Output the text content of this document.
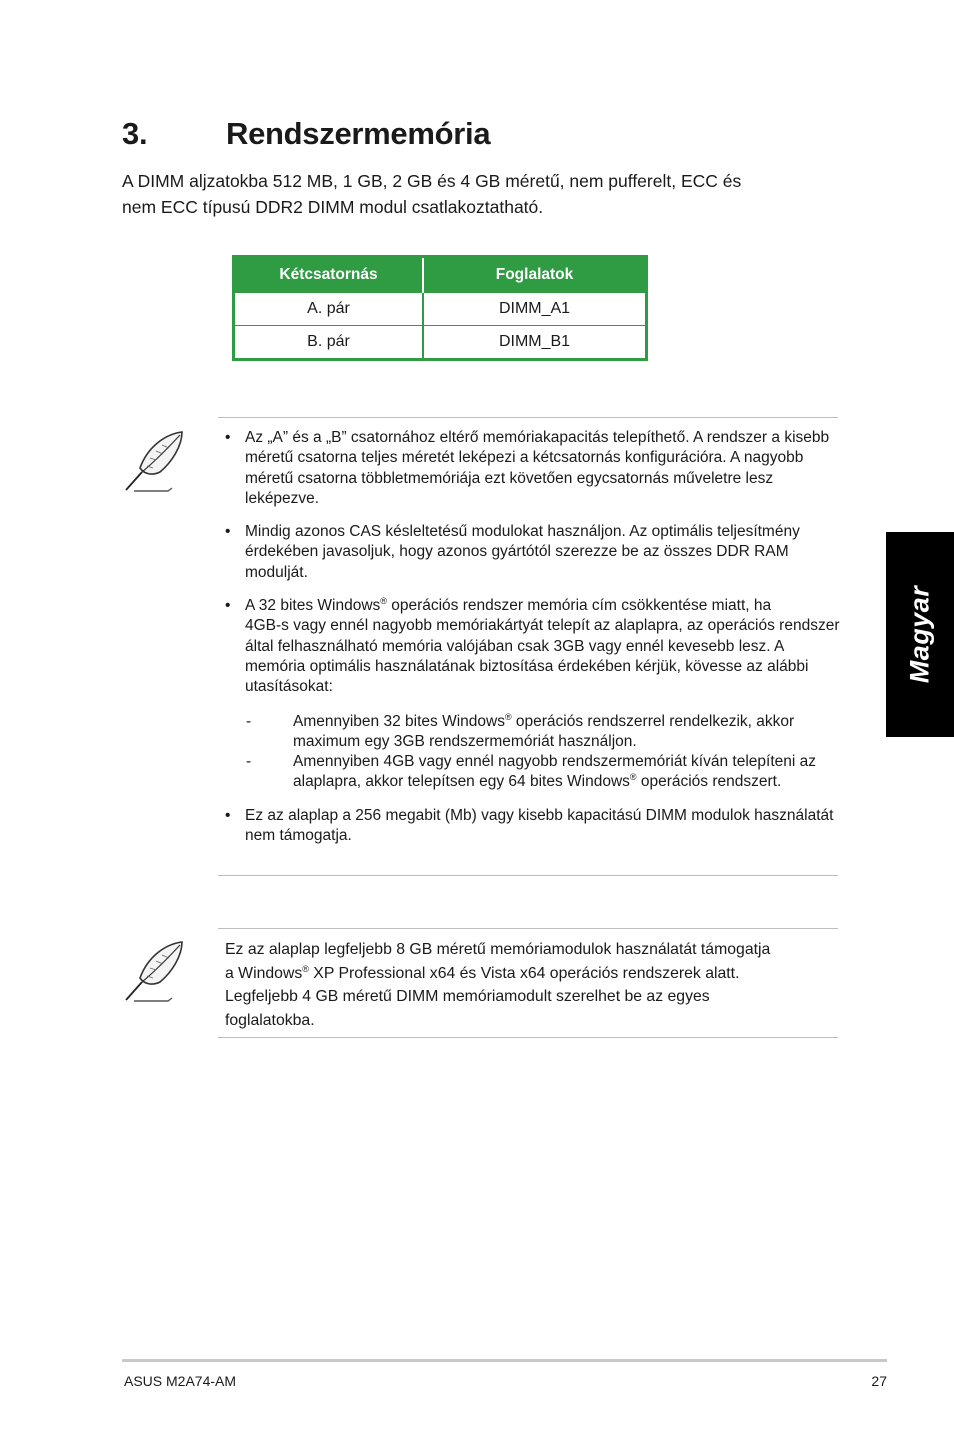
3.	Rendszermemória

A DIMM aljzatokba 512 MB, 1 GB, 2 GB és 4 GB méretű, nem pufferelt, ECC és

nem ECC típusú DDR2 DIMM modul csatlakoztatható.

Kétcsatornás	Foglalatok
A. pár	DIMM_A1
B. pár	DIMM_B1
• Az „A” és a „B” csatornához eltérő memóriakapacitás telepíthető. A rendszer a kisebb méretű csatorna teljes méretét leképezi a kétcsatornás konfigurációra. A nagyobb méretű csatorna többletmemóriája ezt követően egycsatornás műveletre lesz leképezve.
• Mindig azonos CAS késleltetésű modulokat használjon. Az optimális teljesítmény érdekében javasoljuk, hogy azonos gyártótól szerezze be az összes DDR RAM modulját.
• A 32 bites Windows® operációs rendszer memória cím csökkentése miatt, ha
4GB-s vagy ennél nagyobb memóriakártyát telepít az alaplapra, az operációs rendszer által felhasználható memória valójában csak 3GB vagy ennél kevesebb lesz. A memória optimális használatának biztosítása érdekében kérjük, kövesse az alábbi utasításokat:
- Amennyiben 32 bites Windows® operációs rendszerrel rendelkezik, akkor maximum egy 3GB rendszermemóriát használjon.
- Amennyiben 4GB vagy ennél nagyobb rendszermemóriát kíván telepíteni az alaplapra, akkor telepítsen egy 64 bites Windows® operációs rendszert.
• Ez az alaplap a 256 megabit (Mb) vagy kisebb kapacitású DIMM modulok használatát nem támogatja.

Ez az alaplap legfeljebb 8 GB méretű memóriamodulok használatát támogatja

a Windows® XP Professional x64 és Vista x64 operációs rendszerek alatt.

Legfeljebb 4 GB méretű DIMM memóriamodult szerelhet be az egyes

foglalatokba.

Magyar
ASUS M2A74-AM	27
